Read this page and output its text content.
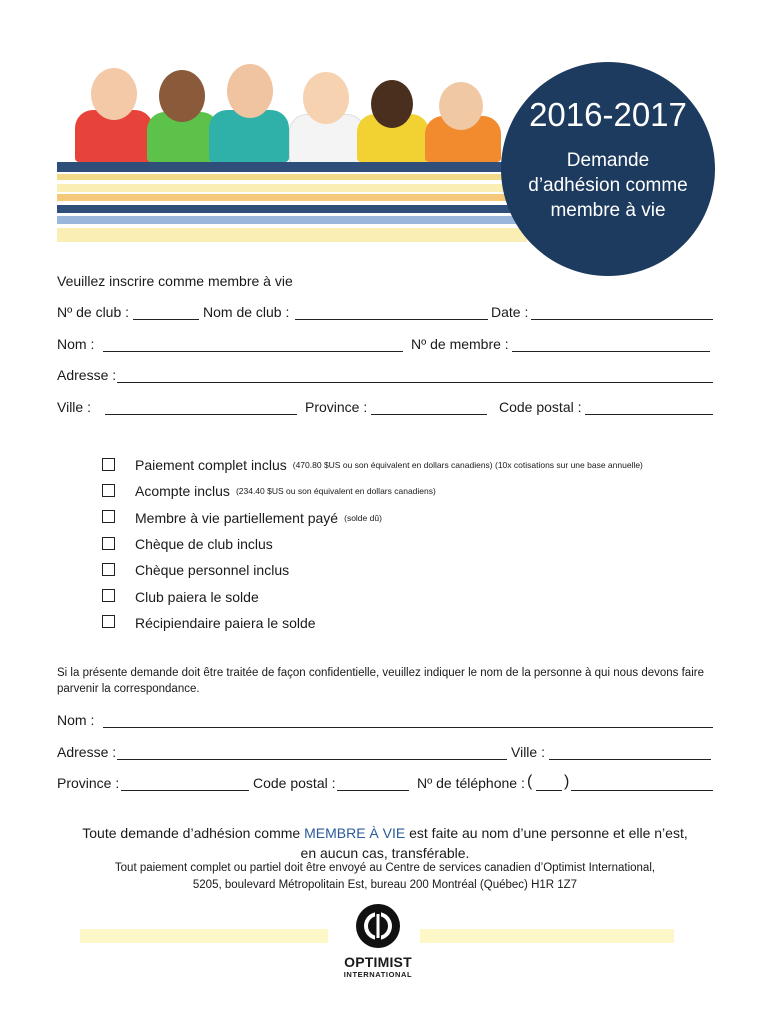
2016-2017
Demande
d’adhésion comme
membre à vie
Veuillez inscrire comme membre à vie
Nº de club :	Nom de club :	Date :
Nom :	Nº de membre :
Adresse :
Ville :	Province :	Code postal :
Paiement complet inclus (470.80 $US ou son équivalent en dollars canadiens) (10x cotisations sur une base annuelle)
Acompte inclus (234.40 $US ou son équivalent en dollars canadiens)
Membre à vie partiellement payé (solde dû)
Chèque de club inclus
Chèque personnel inclus
Club paiera le solde
Récipiendaire paiera le solde
Si la présente demande doit être traitée de façon confidentielle, veuillez indiquer le nom de la personne à qui nous devons faire parvenir la correspondance.
Nom :
Adresse :	Ville :
Province :	Code postal :	Nº de téléphone : ( )
Toute demande d’adhésion comme MEMBRE À VIE est faite au nom d’une personne et elle n’est,
en aucun cas, transférable.
Tout paiement complet ou partiel doit être envoyé au Centre de services canadien d’Optimist International,
5205, boulevard Métropolitain Est, bureau 200 Montréal (Québec) H1R 1Z7
OPTIMIST
INTERNATIONAL
